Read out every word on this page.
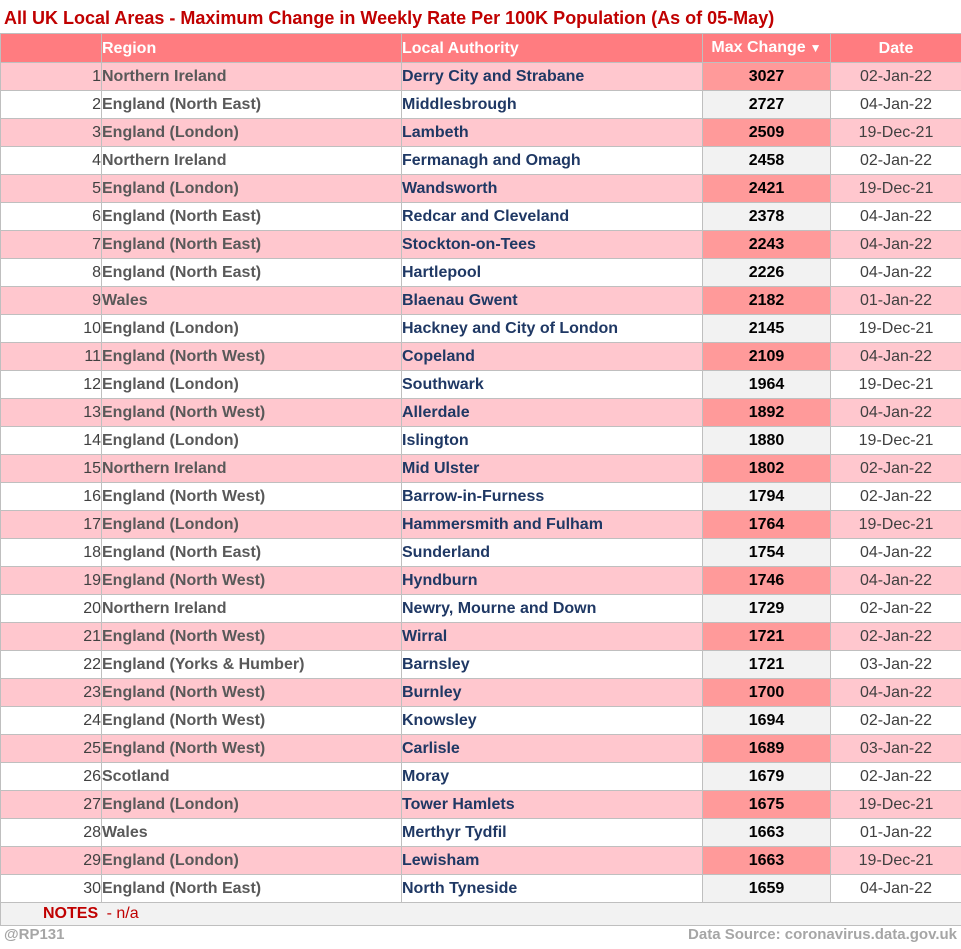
All UK Local Areas - Maximum Change in Weekly Rate Per 100K Population (As of 05-May)
	Region	Local Authority	Max Change ▼	Date
1	Northern Ireland	Derry City and Strabane	3027	02-Jan-22
2	England (North East)	Middlesbrough	2727	04-Jan-22
3	England (London)	Lambeth	2509	19-Dec-21
4	Northern Ireland	Fermanagh and Omagh	2458	02-Jan-22
5	England (London)	Wandsworth	2421	19-Dec-21
6	England (North East)	Redcar and Cleveland	2378	04-Jan-22
7	England (North East)	Stockton-on-Tees	2243	04-Jan-22
8	England (North East)	Hartlepool	2226	04-Jan-22
9	Wales	Blaenau Gwent	2182	01-Jan-22
10	England (London)	Hackney and City of London	2145	19-Dec-21
11	England (North West)	Copeland	2109	04-Jan-22
12	England (London)	Southwark	1964	19-Dec-21
13	England (North West)	Allerdale	1892	04-Jan-22
14	England (London)	Islington	1880	19-Dec-21
15	Northern Ireland	Mid Ulster	1802	02-Jan-22
16	England (North West)	Barrow-in-Furness	1794	02-Jan-22
17	England (London)	Hammersmith and Fulham	1764	19-Dec-21
18	England (North East)	Sunderland	1754	04-Jan-22
19	England (North West)	Hyndburn	1746	04-Jan-22
20	Northern Ireland	Newry, Mourne and Down	1729	02-Jan-22
21	England (North West)	Wirral	1721	02-Jan-22
22	England (Yorks & Humber)	Barnsley	1721	03-Jan-22
23	England (North West)	Burnley	1700	04-Jan-22
24	England (North West)	Knowsley	1694	02-Jan-22
25	England (North West)	Carlisle	1689	03-Jan-22
26	Scotland	Moray	1679	02-Jan-22
27	England (London)	Tower Hamlets	1675	19-Dec-21
28	Wales	Merthyr Tydfil	1663	01-Jan-22
29	England (London)	Lewisham	1663	19-Dec-21
30	England (North East)	North Tyneside	1659	04-Jan-22
NOTES - n/a				
@RP131	Data Source: coronavirus.data.gov.uk
